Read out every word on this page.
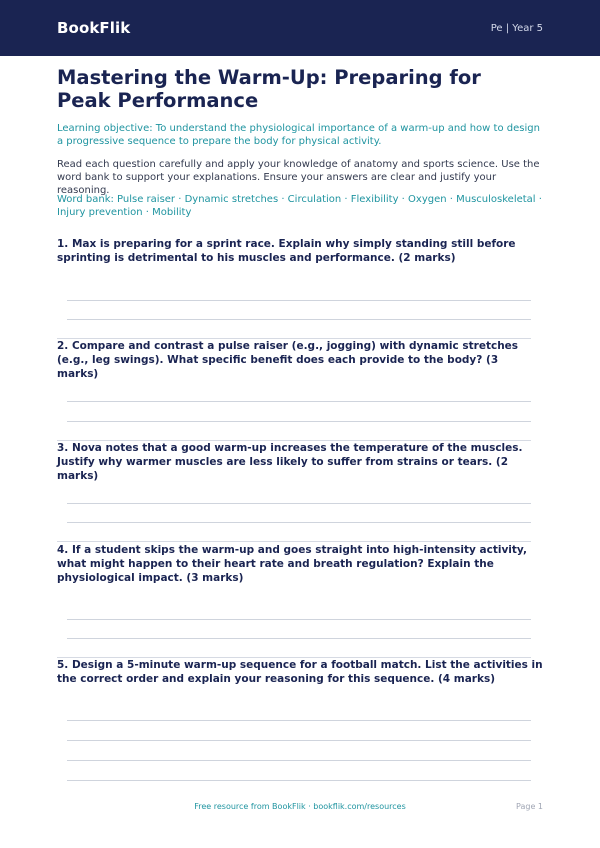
BookFlik	Pe | Year 5
Mastering the Warm-Up: Preparing for Peak Performance
Learning objective: To understand the physiological importance of a warm-up and how to design a progressive sequence to prepare the body for physical activity.
Read each question carefully and apply your knowledge of anatomy and sports science. Use the word bank to support your explanations. Ensure your answers are clear and justify your reasoning.
Word bank: Pulse raiser · Dynamic stretches · Circulation · Flexibility · Oxygen · Musculoskeletal · Injury prevention · Mobility
1. Max is preparing for a sprint race. Explain why simply standing still before sprinting is detrimental to his muscles and performance. (2 marks)
2. Compare and contrast a pulse raiser (e.g., jogging) with dynamic stretches (e.g., leg swings). What specific benefit does each provide to the body? (3 marks)
3. Nova notes that a good warm-up increases the temperature of the muscles. Justify why warmer muscles are less likely to suffer from strains or tears. (2 marks)
4. If a student skips the warm-up and goes straight into high-intensity activity, what might happen to their heart rate and breath regulation? Explain the physiological impact. (3 marks)
5. Design a 5-minute warm-up sequence for a football match. List the activities in the correct order and explain your reasoning for this sequence. (4 marks)
Free resource from BookFlik · bookflik.com/resources	Page 1
